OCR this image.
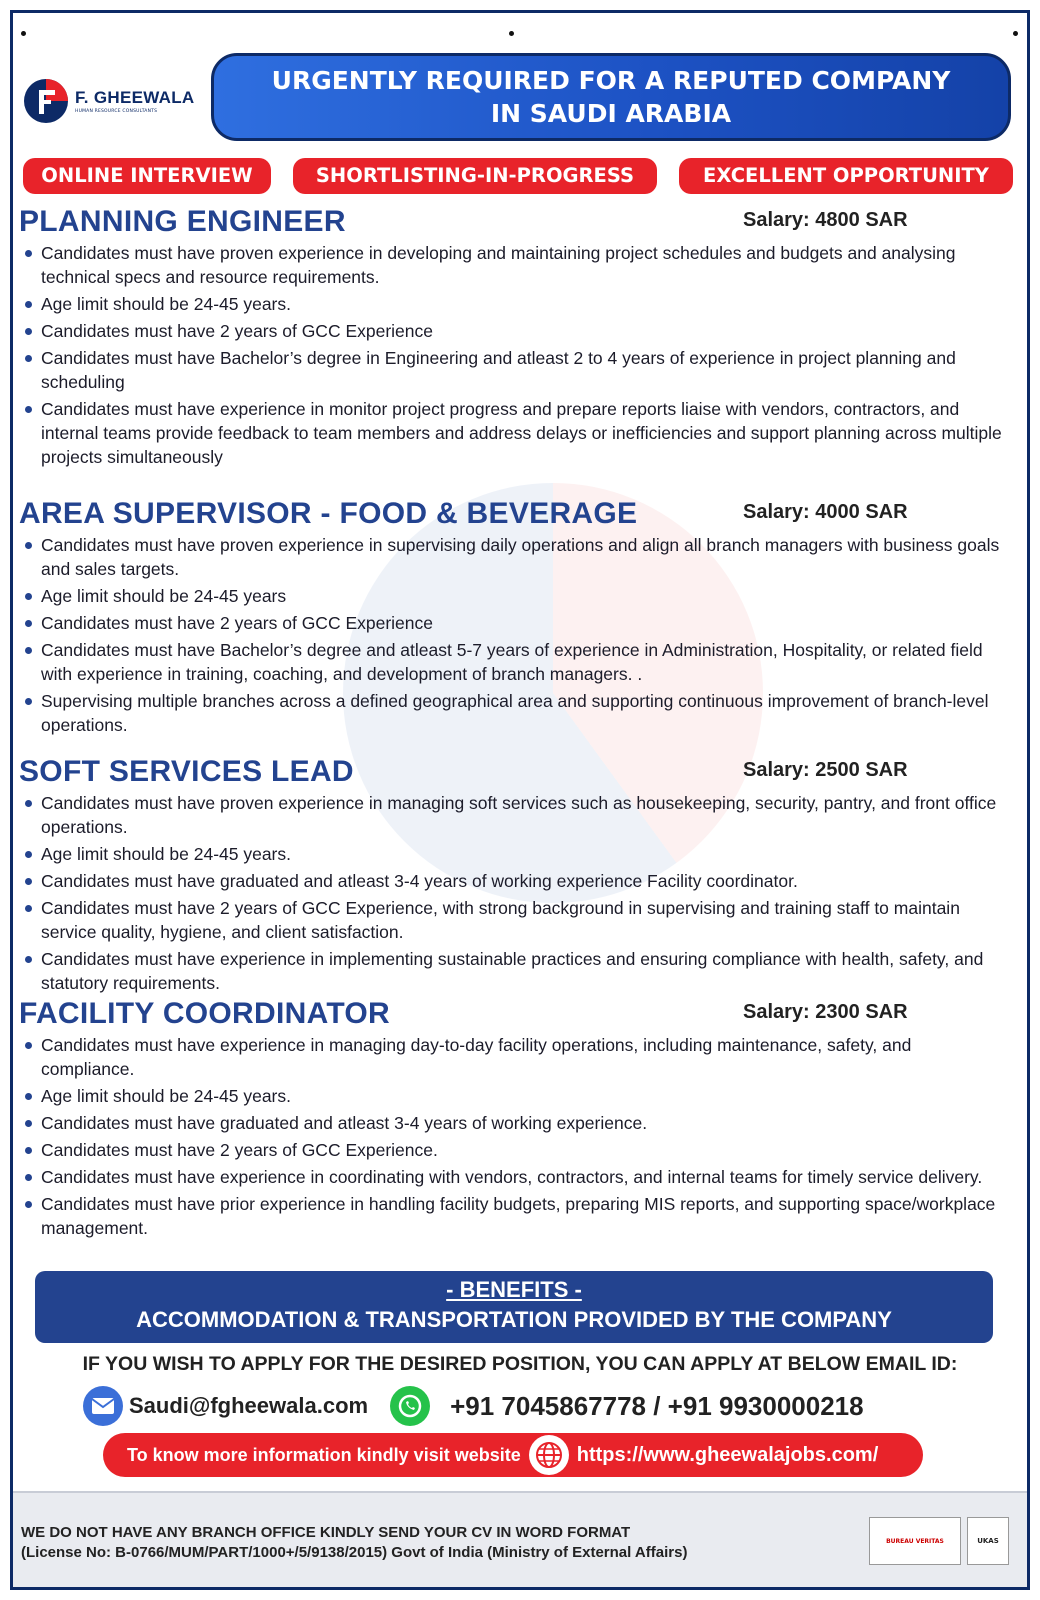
F. GHEEWALA
HUMAN RESOURCE CONSULTANTS
URGENTLY REQUIRED FOR A REPUTED COMPANY
IN SAUDI ARABIA
ONLINE INTERVIEW	SHORTLISTING-IN-PROGRESS	EXCELLENT OPPORTUNITY
PLANNING ENGINEER	Salary: 4800 SAR
Candidates must have proven experience in developing and maintaining project schedules and budgets and analysing technical specs and resource requirements.
Age limit should be 24-45 years.
Candidates must have 2 years of GCC Experience
Candidates must have Bachelor’s degree in Engineering and atleast 2 to 4 years of experience in project planning and scheduling
Candidates must have experience in monitor project progress and prepare reports liaise with vendors, contractors, and internal teams provide feedback to team members and address delays or inefficiencies and support planning across multiple projects simultaneously
AREA SUPERVISOR - FOOD & BEVERAGE	Salary: 4000 SAR
Candidates must have proven experience in supervising daily operations and align all branch managers with business goals and sales targets.
Age limit should be 24-45 years
Candidates must have 2 years of GCC Experience
Candidates must have Bachelor’s degree and atleast 5-7 years of experience in Administration, Hospitality, or related field with experience in training, coaching, and development of branch managers. .
Supervising multiple branches across a defined geographical area and supporting continuous improvement of branch-level operations.
SOFT SERVICES LEAD	Salary: 2500 SAR
Candidates must have proven experience in managing soft services such as housekeeping, security, pantry, and front office operations.
Age limit should be 24-45 years.
Candidates must have graduated and atleast 3-4 years of working experience Facility coordinator.
Candidates must have 2 years of GCC Experience, with strong background in supervising and training staff to maintain service quality, hygiene, and client satisfaction.
Candidates must have experience in implementing sustainable practices and ensuring compliance with health, safety, and statutory requirements.
FACILITY COORDINATOR	Salary: 2300 SAR
Candidates must have experience in managing day-to-day facility operations, including maintenance, safety, and compliance.
Age limit should be 24-45 years.
Candidates must have graduated and atleast 3-4 years of working experience.
Candidates must have 2 years of GCC Experience.
Candidates must have experience in coordinating with vendors, contractors, and internal teams for timely service delivery.
Candidates must have prior experience in handling facility budgets, preparing MIS reports, and supporting space/workplace management.
- BENEFITS -
ACCOMMODATION & TRANSPORTATION PROVIDED BY THE COMPANY
IF YOU WISH TO APPLY FOR THE DESIRED POSITION, YOU CAN APPLY AT BELOW EMAIL ID:
Saudi@fgheewala.com	+91 7045867778 / +91 9930000218
To know more information kindly visit website	https://www.gheewalajobs.com/
WE DO NOT HAVE ANY BRANCH OFFICE KINDLY SEND YOUR CV IN WORD FORMAT
(License No: B-0766/MUM/PART/1000+/5/9138/2015) Govt of India (Ministry of External Affairs)
BUREAU VERITAS	UKAS
